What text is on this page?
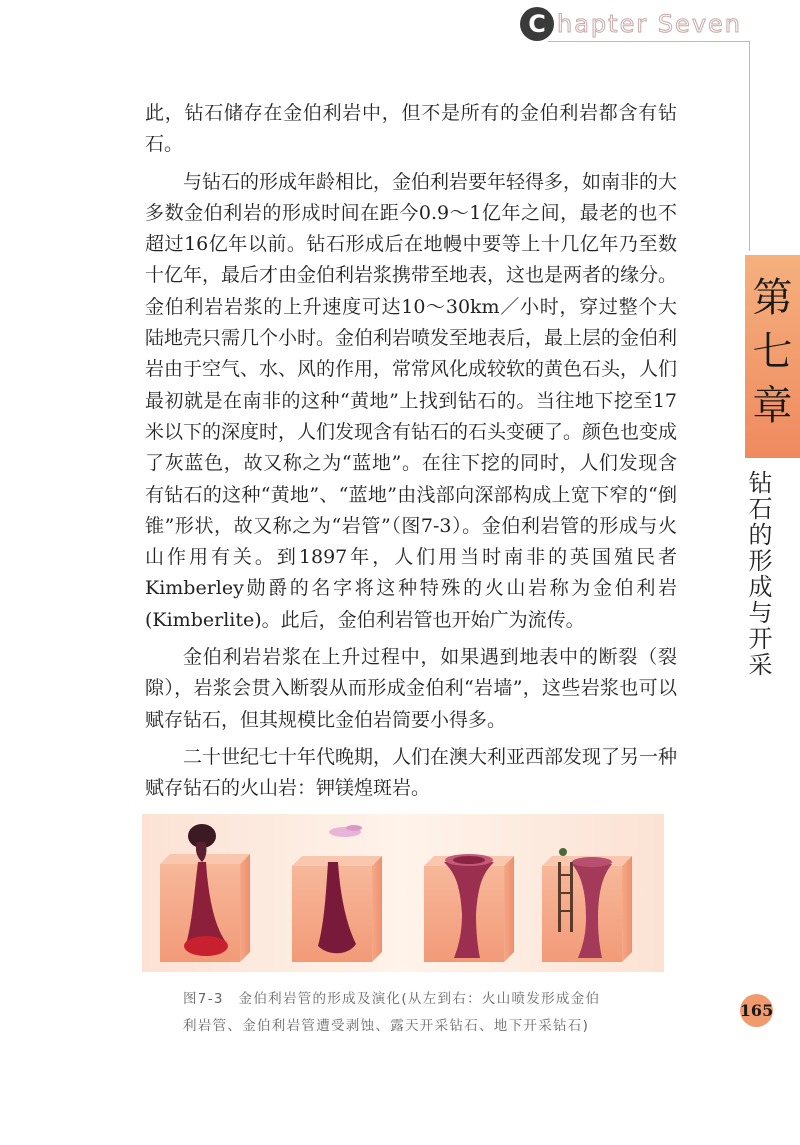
C hapter Seven

此，钻石储存在金伯利岩中，但不是所有的金伯利岩都含有钻石。

与钻石的形成年龄相比，金伯利岩要年轻得多，如南非的大多数金伯利岩的形成时间在距今0.9～1亿年之间，最老的也不超过16亿年以前。钻石形成后在地幔中要等上十几亿年乃至数十亿年，最后才由金伯利岩浆携带至地表，这也是两者的缘分。金伯利岩岩浆的上升速度可达10～30km／小时，穿过整个大陆地壳只需几个小时。金伯利岩喷发至地表后，最上层的金伯利岩由于空气、水、风的作用，常常风化成较软的黄色石头，人们最初就是在南非的这种“黄地”上找到钻石的。当往地下挖至17米以下的深度时，人们发现含有钻石的石头变硬了。颜色也变成了灰蓝色，故又称之为“蓝地”。在往下挖的同时，人们发现含有钻石的这种“黄地”、“蓝地”由浅部向深部构成上宽下窄的“倒锥”形状，故又称之为“岩管”（图7-3）。金伯利岩管的形成与火山作用有关。到1897年，人们用当时南非的英国殖民者Kimberley勋爵的名字将这种特殊的火山岩称为金伯利岩(Kimberlite)。此后，金伯利岩管也开始广为流传。

金伯利岩岩浆在上升过程中，如果遇到地表中的断裂（裂隙），岩浆会贯入断裂从而形成金伯利“岩墙”，这些岩浆也可以赋存钻石，但其规模比金伯岩筒要小得多。

二十世纪七十年代晚期，人们在澳大利亚西部发现了另一种赋存钻石的火山岩：钾镁煌斑岩。

第
七
章
钻石的形成与开采
图7-3　金伯利岩管的形成及演化(从左到右：火山喷发形成金伯
利岩管、金伯利岩管遭受剥蚀、露天开采钻石、地下开采钻石)
165
